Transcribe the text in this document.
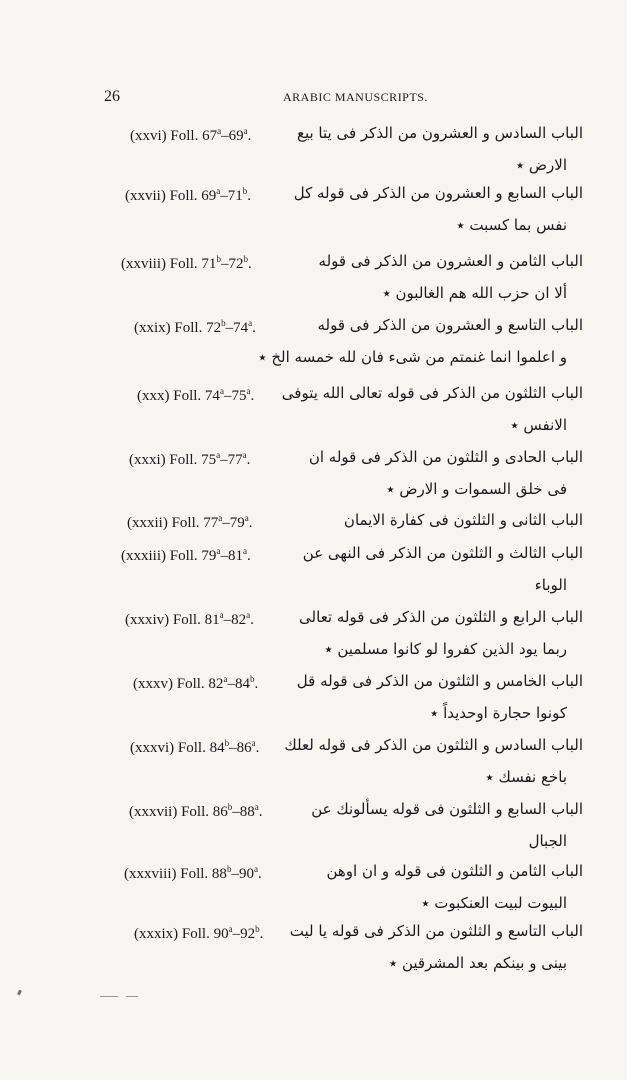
26	ARABIC MANUSCRIPTS.
(xxvi) Foll. 67$^a$–69$^a$.	الباب السادس و العشرون من الذكر فى يتا بيع
الارض ٭
(xxvii) Foll. 69$^a$–71$^b$.	الباب السابع و العشرون من الذكر فى قوله كل
نفس بما كسبت ٭
(xxviii) Foll. 71$^b$–72$^b$.	الباب الثامن و العشرون من الذكر فى قوله
ألا ان حزب الله هم الغالبون ٭
(xxix) Foll. 72$^b$–74$^a$.	الباب التاسع و العشرون من الذكر فى قوله
و اعلموا انما غنمتم من شىء فان لله خمسه الخ ٭
(xxx) Foll. 74$^a$–75$^a$. الباب الثلثون من الذكر فى قوله تعالى الله يتوفى
الانفس ٭
(xxxi) Foll. 75$^a$–77$^a$.	الباب الحادى و الثلثون من الذكر فى قوله ان
فى خلق السموات و الارض ٭
(xxxii) Foll. 77$^a$–79$^a$.	الباب الثانى و الثلثون فى كفارة الايمان
(xxxiii) Foll. 79$^a$–81$^a$.	الباب الثالث و الثلثون من الذكر فى النهى عن
الوباء
(xxxiv) Foll. 81$^a$–82$^a$.	الباب الرابع و الثلثون من الذكر فى قوله تعالى
ربما يود الذين كفروا لو كانوا مسلمين ٭
(xxxv) Foll. 82$^a$–84$^b$.	الباب الخامس و الثلثون من الذكر فى قوله قل
كونوا حجارة اوحديداً ٭
(xxxvi) Foll. 84$^b$–86$^a$. الباب السادس و الثلثون من الذكر فى قوله لعلك
باخع نفسك ٭
(xxxvii) Foll. 86$^b$–88$^a$.	الباب السابع و الثلثون فى قوله يسألونك عن
الجبال
(xxxviii) Foll. 88$^b$–90$^a$.	الباب الثامن و الثلثون فى قوله و ان اوهن
البيوت لبيت العنكبوت ٭
(xxxix) Foll. 90$^a$–92$^b$. الباب التاسع و الثلثون من الذكر فى قوله يا ليت
بينى و بينكم بعد المشرقين ٭
